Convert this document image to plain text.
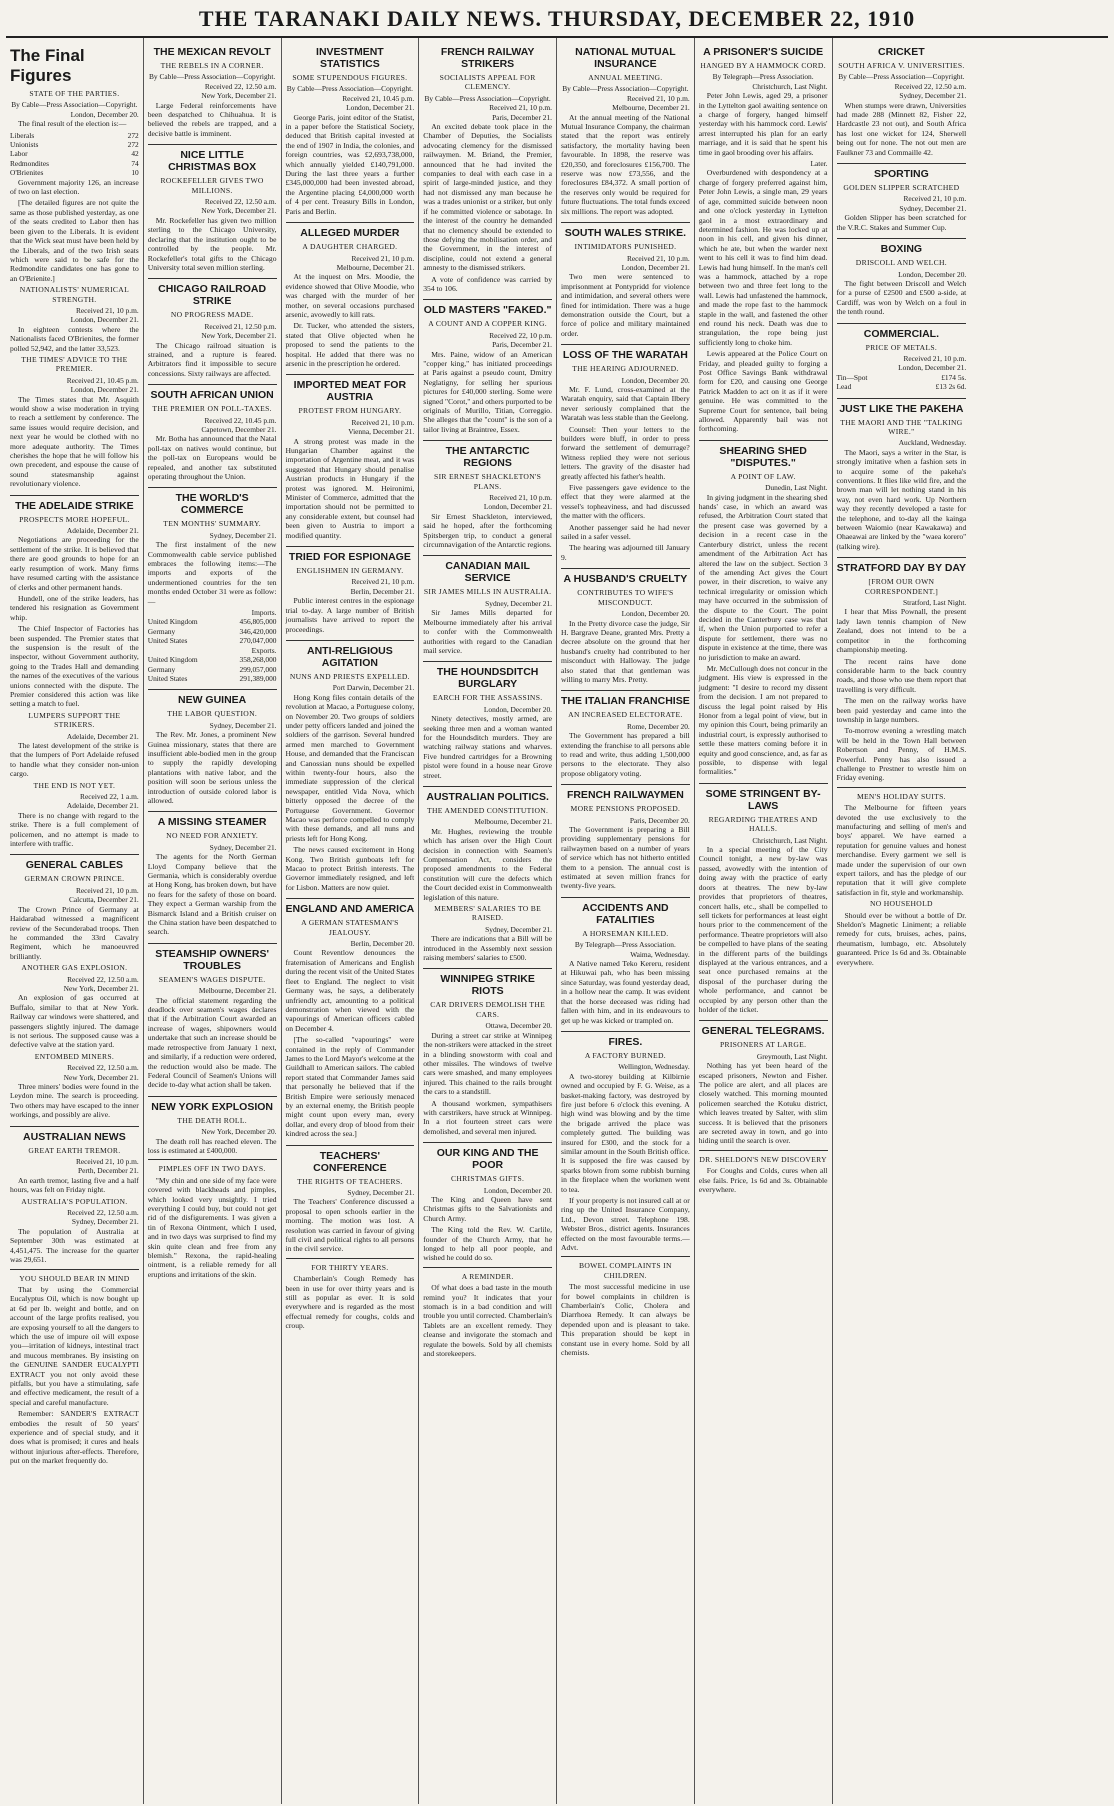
THE TARANAKI DAILY NEWS. THURSDAY, DECEMBER 22, 1910
The Final Figures
STATE OF THE PARTIES.
By Cable—Press Association—Copyright.
London, December 20.

The final result of the election is:—

Liberals	272
Unionists	272
Labor	42
Redmondites	74
O'Brienites	10

Government majority 126, an increase of two on last election.

[The detailed figures are not quite the same as those published yesterday, as one of the seats credited to Labor then has been given to the Liberals. It is evident that the Wick seat must have been held by the Liberals, and of the two Irish seats which were said to be safe for the Redmondite candidates one has gone to an O'Brienite.]

NATIONALISTS' NUMERICAL STRENGTH.
Received 21, 10 p.m.
London, December 21.

In eighteen contests where the Nationalists faced O'Brienites, the former polled 52,942, and the latter 33,523.

THE TIMES' ADVICE TO THE PREMIER.
Received 21, 10.45 p.m.
London, December 21.

The Times states that Mr. Asquith would show a wise moderation in trying to reach a settlement by conference. The same issues would require decision, and next year he would be clothed with no more adequate authority. The Times cherishes the hope that he will follow his own precedent, and espouse the cause of sound statesmanship against revolutionary violence.

THE ADELAIDE STRIKE
PROSPECTS MORE HOPEFUL.
Adelaide, December 21.

Negotiations are proceeding for the settlement of the strike. It is believed that there are good grounds to hope for an early resumption of work. Many firms have resumed carting with the assistance of clerks and other permanent hands.

Hundell, one of the strike leaders, has tendered his resignation as Government whip.

The Chief Inspector of Factories has been suspended. The Premier states that the suspension is the result of the inspector, without Government authority, going to the Trades Hall and demanding the names of the executives of the various unions connected with the dispute. The Premier considered this action was like setting a match to fuel.

LUMPERS SUPPORT THE STRIKERS.
Adelaide, December 21.

The latest development of the strike is that the lumpers of Port Adelaide refused to handle what they consider non-union cargo.

THE END IS NOT YET.
Received 22, 1 a.m.
Adelaide, December 21.

There is no change with regard to the strike. There is a full complement of policemen, and no attempt is made to interfere with traffic.

GENERAL CABLES
GERMAN CROWN PRINCE.
Received 21, 10 p.m.
Calcutta, December 21.

The Crown Prince of Germany at Haidarabad witnessed a magnificent review of the Secunderabad troops. Then he commanded the 33rd Cavalry Regiment, which he manoeuvred brilliantly.

ANOTHER GAS EXPLOSION.
Received 22, 12.50 a.m.
New York, December 21.

An explosion of gas occurred at Buffalo, similar to that at New York. Railway car windows were shattered, and passengers slightly injured. The damage is not serious. The supposed cause was a defective valve at the station yard.

ENTOMBED MINERS.
Received 22, 12.50 a.m.
New York, December 21.

Three miners' bodies were found in the Leydon mine. The search is proceeding. Two others may have escaped to the inner workings, and possibly are alive.

AUSTRALIAN NEWS
GREAT EARTH TREMOR.
Received 21, 10 p.m.
Perth, December 21.

An earth tremor, lasting five and a half hours, was felt on Friday night.

AUSTRALIA'S POPULATION.
Received 22, 12.50 a.m.
Sydney, December 21.

The population of Australia at September 30th was estimated at 4,451,475. The increase for the quarter was 29,651.

YOU SHOULD BEAR IN MIND

That by using the Commercial Eucalyptus Oil, which is now bought up at 6d per lb. weight and bottle, and on account of the large profits realised, you are exposing yourself to all the dangers to which the use of impure oil will expose you—irritation of kidneys, intestinal tract and mucous membranes. By insisting on the GENUINE SANDER EUCALYPTI EXTRACT you not only avoid these pitfalls, but you have a stimulating, safe and effective medicament, the result of a special and careful manufacture.

Remember: SANDER'S EXTRACT embodies the result of 50 years' experience and of special study, and it does what is promised; it cures and heals without injurious after-effects. Therefore, put on the market frequently do.

THE MEXICAN REVOLT
THE REBELS IN A CORNER.
By Cable—Press Association—Copyright.
Received 22, 12.50 a.m.
New York, December 21.

Large Federal reinforcements have been despatched to Chihuahua. It is believed the rebels are trapped, and a decisive battle is imminent.

NICE LITTLE CHRISTMAS BOX
ROCKEFELLER GIVES TWO MILLIONS.
Received 22, 12.50 a.m.
New York, December 21.

Mr. Rockefeller has given two million sterling to the Chicago University, declaring that the institution ought to be controlled by the people. Mr. Rockefeller's total gifts to the Chicago University total seven million sterling.

CHICAGO RAILROAD STRIKE
NO PROGRESS MADE.
Received 21, 12.50 p.m.
New York, December 21.

The Chicago railroad situation is strained, and a rupture is feared. Arbitrators find it impossible to secure concessions. Sixty railways are affected.

SOUTH AFRICAN UNION
THE PREMIER ON POLL-TAXES.
Received 22, 10.45 p.m.
Capetown, December 21.

Mr. Botha has announced that the Natal poll-tax on natives would continue, but the poll-tax on Europeans would be repealed, and another tax substituted operating throughout the Union.

THE WORLD'S COMMERCE
TEN MONTHS' SUMMARY.
Sydney, December 21.

The first instalment of the new Commonwealth cable service published embraces the following items:—The imports and exports of the undermentioned countries for the ten months ended October 31 were as follow:—

	Imports.
United Kingdom	456,805,000
Germany	346,420,000
United States	270,047,000
	Exports.
United Kingdom	358,268,000
Germany	299,057,000
United States	291,389,000
NEW GUINEA
THE LABOR QUESTION.
Sydney, December 21.

The Rev. Mr. Jones, a prominent New Guinea missionary, states that there are insufficient able-bodied men in the group to supply the rapidly developing plantations with native labor, and the position will soon be serious unless the introduction of outside colored labor is allowed.

A MISSING STEAMER
NO NEED FOR ANXIETY.
Sydney, December 21.

The agents for the North German Lloyd Company believe that the Germania, which is considerably overdue at Hong Kong, has broken down, but have no fears for the safety of those on board. They expect a German warship from the Bismarck Island and a British cruiser on the China station have been despatched to search.

STEAMSHIP OWNERS' TROUBLES
SEAMEN'S WAGES DISPUTE.
Melbourne, December 21.

The official statement regarding the deadlock over seamen's wages declares that if the Arbitration Court awarded an increase of wages, shipowners would undertake that such an increase should be made retrospective from January 1 next, and similarly, if a reduction were ordered, the reduction would also be made. The Federal Council of Seamen's Unions will decide to-day what action shall be taken.

NEW YORK EXPLOSION
THE DEATH ROLL.
New York, December 20.

The death roll has reached eleven. The loss is estimated at £400,000.

PIMPLES OFF IN TWO DAYS.

"My chin and one side of my face were covered with blackheads and pimples, which looked very unsightly. I tried everything I could buy, but could not get rid of the disfigurements. I was given a tin of Rexona Ointment, which I used, and in two days was surprised to find my skin quite clean and free from any blemish." Rexona, the rapid-healing ointment, is a reliable remedy for all eruptions and irritations of the skin.

INVESTMENT STATISTICS
SOME STUPENDOUS FIGURES.
By Cable—Press Association—Copyright.
Received 21, 10.45 p.m.
London, December 21.

George Paris, joint editor of the Statist, in a paper before the Statistical Society, deduced that British capital invested at the end of 1907 in India, the colonies, and foreign countries, was £2,693,738,000, which annually yielded £140,791,000. During the last three years a further £345,000,000 had been invested abroad, the Argentine placing £4,000,000 worth of 4 per cent. Treasury Bills in London, Paris and Berlin.

ALLEGED MURDER
A DAUGHTER CHARGED.
Received 21, 10 p.m.
Melbourne, December 21.

At the inquest on Mrs. Moodie, the evidence showed that Olive Moodie, who was charged with the murder of her mother, on several occasions purchased arsenic, avowedly to kill rats.

Dr. Tucker, who attended the sisters, stated that Olive objected when he proposed to send the patients to the hospital. He added that there was no arsenic in the prescription he ordered.

IMPORTED MEAT FOR AUSTRIA
PROTEST FROM HUNGARY.
Received 21, 10 p.m.
Vienna, December 21.

A strong protest was made in the Hungarian Chamber against the importation of Argentine meat, and it was suggested that Hungary should penalise Austrian products in Hungary if the protest was ignored. M. Heironimi, Minister of Commerce, admitted that the importation should not be permitted to any considerable extent, but counsel had been given to Austria to import a modified quantity.

TRIED FOR ESPIONAGE
ENGLISHMEN IN GERMANY.
Received 21, 10 p.m.
Berlin, December 21.

Public interest centres in the espionage trial to-day. A large number of British journalists have arrived to report the proceedings.

ANTI-RELIGIOUS AGITATION
NUNS AND PRIESTS EXPELLED.
Port Darwin, December 21.

Hong Kong files contain details of the revolution at Macao, a Portuguese colony, on November 20. Two groups of soldiers under petty officers landed and joined the soldiers of the garrison. Several hundred armed men marched to Government House, and demanded that the Franciscan and Canossian nuns should be expelled within twenty-four hours, also the immediate suppression of the clerical newspaper, entitled Vida Nova, which bitterly opposed the decree of the Portuguese Government. Governor Macao was perforce compelled to comply with these demands, and all nuns and priests left for Hong Kong.

The news caused excitement in Hong Kong. Two British gunboats left for Macao to protect British interests. The Governor immediately resigned, and left for Lisbon. Matters are now quiet.

ENGLAND AND AMERICA
A GERMAN STATESMAN'S JEALOUSY.
Berlin, December 20.

Count Reventlow denounces the fraternisation of Americans and English during the recent visit of the United States fleet to England. The neglect to visit Germany was, he says, a deliberately unfriendly act, amounting to a political demonstration when viewed with the vapourings of American officers cabled on December 4.

[The so-called "vapourings" were contained in the reply of Commander James to the Lord Mayor's welcome at the Guildhall to American sailors. The cabled report stated that Commander James said that personally he believed that if the British Empire were seriously menaced by an external enemy, the British people might count upon every man, every dollar, and every drop of blood from their kindred across the sea.]

TEACHERS' CONFERENCE
THE RIGHTS OF TEACHERS.
Sydney, December 21.

The Teachers' Conference discussed a proposal to open schools earlier in the morning. The motion was lost. A resolution was carried in favour of giving full civil and political rights to all persons in the civil service.

FOR THIRTY YEARS.

Chamberlain's Cough Remedy has been in use for over thirty years and is still as popular as ever. It is sold everywhere and is regarded as the most effectual remedy for coughs, colds and croup.

FRENCH RAILWAY STRIKERS
SOCIALISTS APPEAL FOR CLEMENCY.
By Cable—Press Association—Copyright.
Received 21, 10 p.m.
Paris, December 21.

An excited debate took place in the Chamber of Deputies, the Socialists advocating clemency for the dismissed railwaymen. M. Briand, the Premier, announced that he had invited the companies to deal with each case in a spirit of large-minded justice, and they had not dismissed any man because he was a trades unionist or a striker, but only if he committed violence or sabotage. In the interest of the country he demanded that no clemency should be extended to those defying the mobilisation order, and the Government, in the interest of discipline, could not extend a general amnesty to the dismissed strikers.

A vote of confidence was carried by 354 to 106.

OLD MASTERS "FAKED."
A COUNT AND A COPPER KING.
Received 22, 10 p.m.
Paris, December 21.

Mrs. Paine, widow of an American "copper king," has initiated proceedings at Paris against a pseudo count, Dmitry Neglatigny, for selling her spurious pictures for £40,000 sterling. Some were signed "Corot," and others purported to be originals of Murillo, Titian, Correggio. She alleges that the "count" is the son of a tailor living at Braintree, Essex.

THE ANTARCTIC REGIONS
SIR ERNEST SHACKLETON'S PLANS.
Received 21, 10 p.m.
London, December 21.

Sir Ernest Shackleton, interviewed, said he hoped, after the forthcoming Spitsbergen trip, to conduct a general circumnavigation of the Antarctic regions.

CANADIAN MAIL SERVICE
SIR JAMES MILLS IN AUSTRALIA.
Sydney, December 21.

Sir James Mills departed for Melbourne immediately after his arrival to confer with the Commonwealth authorities with regard to the Canadian mail service.

THE HOUNDSDITCH BURGLARY
EARCH FOR THE ASSASSINS.
London, December 20.

Ninety detectives, mostly armed, are seeking three men and a woman wanted for the Houndsditch murders. They are watching railway stations and wharves. Five hundred cartridges for a Browning pistol were found in a house near Grove street.

AUSTRALIAN POLITICS.
THE AMENDED CONSTITUTION.
Melbourne, December 21.

Mr. Hughes, reviewing the trouble which has arisen over the High Court decision in connection with Seamen's Compensation Act, considers the proposed amendments to the Federal constitution will cure the defects which the Court decided exist in Commonwealth legislation of this nature.

MEMBERS' SALARIES TO BE RAISED.
Sydney, December 21.

There are indications that a Bill will be introduced in the Assembly next session raising members' salaries to £500.

WINNIPEG STRIKE RIOTS
CAR DRIVERS DEMOLISH THE CARS.
Ottawa, December 20.

During a street car strike at Winnipeg the non-strikers were attacked in the street in a blinding snowstorm with coal and other missiles. The windows of twelve cars were smashed, and many employees injured. This chained to the rails brought the cars to a standstill.

A thousand workmen, sympathisers with carstrikers, have struck at Winnipeg. In a riot fourteen street cars were demolished, and several men injured.

OUR KING AND THE POOR
CHRISTMAS GIFTS.
London, December 20.

The King and Queen have sent Christmas gifts to the Salvationists and Church Army.

The King told the Rev. W. Carlile, founder of the Church Army, that he longed to help all poor people, and wished he could do so.

A REMINDER.

Of what does a bad taste in the mouth remind you? It indicates that your stomach is in a bad condition and will trouble you until corrected. Chamberlain's Tablets are an excellent remedy. They cleanse and invigorate the stomach and regulate the bowels. Sold by all chemists and storekeepers.

NATIONAL MUTUAL INSURANCE
ANNUAL MEETING.
By Cable—Press Association—Copyright.
Received 21, 10 p.m.
Melbourne, December 21.

At the annual meeting of the National Mutual Insurance Company, the chairman stated that the report was entirely satisfactory, the mortality having been favourable. In 1898, the reserve was £20,350, and foreclosures £156,700. The reserve was now £73,556, and the foreclosures £84,372. A small portion of the reserves only would be required for future fluctuations. The total funds exceed six millions. The report was adopted.

SOUTH WALES STRIKE.
INTIMIDATORS PUNISHED.
Received 21, 10 p.m.
London, December 21.

Two men were sentenced to imprisonment at Pontypridd for violence and intimidation, and several others were fined for intimidation. There was a huge demonstration outside the Court, but a force of police and military maintained order.

LOSS OF THE WARATAH
THE HEARING ADJOURNED.
London, December 20.

Mr. F. Lund, cross-examined at the Waratah enquiry, said that Captain Ilbery never seriously complained that the Waratah was less stable than the Geelong.

Counsel: Then your letters to the builders were bluff, in order to press forward the settlement of demurrage? Witness replied they were not serious letters. The gravity of the disaster had greatly affected his father's health.

Five passengers gave evidence to the effect that they were alarmed at the vessel's topheaviness, and had discussed the matter with the officers.

Another passenger said he had never sailed in a safer vessel.

The hearing was adjourned till January 9.

A HUSBAND'S CRUELTY
CONTRIBUTES TO WIFE'S MISCONDUCT.
London, December 20.

In the Pretty divorce case the judge, Sir H. Bargrave Deane, granted Mrs. Pretty a decree absolute on the ground that her husband's cruelty had contributed to her misconduct with Halloway. The judge also stated that that gentleman was willing to marry Mrs. Pretty.

THE ITALIAN FRANCHISE
AN INCREASED ELECTORATE.
Rome, December 20.

The Government has prepared a bill extending the franchise to all persons able to read and write, thus adding 1,500,000 persons to the electorate. They also propose obligatory voting.

FRENCH RAILWAYMEN
MORE PENSIONS PROPOSED.
Paris, December 20.

The Government is preparing a Bill providing supplementary pensions for railwaymen based on a number of years of service which has not hitherto entitled them to a pension. The annual cost is estimated at seven million francs for twenty-five years.

ACCIDENTS AND FATALITIES
A HORSEMAN KILLED.
By Telegraph—Press Association.
Waima, Wednesday.

A Native named Teko Kereru, resident at Hikuwai pah, who has been missing since Saturday, was found yesterday dead, in a hollow near the camp. It was evident that the horse deceased was riding had fallen with him, and in its endeavours to get up he was kicked or trampled on.

FIRES.
A FACTORY BURNED.
Wellington, Wednesday.

A two-storey building at Kilbirnie owned and occupied by F. G. Weise, as a basket-making factory, was destroyed by fire just before 6 o'clock this evening. A high wind was blowing and by the time the brigade arrived the place was completely gutted. The building was insured for £300, and the stock for a similar amount in the South British office. It is supposed the fire was caused by sparks blown from some rubbish burning in the fireplace when the workmen went to tea.

If your property is not insured call at or ring up the United Insurance Company, Ltd., Devon street. Telephone 198. Webster Bros., district agents. Insurances effected on the most favourable terms.—Advt.

BOWEL COMPLAINTS IN CHILDREN.

The most successful medicine in use for bowel complaints in children is Chamberlain's Colic, Cholera and Diarrhoea Remedy. It can always be depended upon and is pleasant to take. This preparation should be kept in constant use in every home. Sold by all chemists.

A PRISONER'S SUICIDE
HANGED BY A HAMMOCK CORD.
By Telegraph—Press Association.
Christchurch, Last Night.

Peter John Lewis, aged 29, a prisoner in the Lyttelton gaol awaiting sentence on a charge of forgery, hanged himself yesterday with his hammock cord. Lewis' arrest interrupted his plan for an early marriage, and it is said that he spent his time in gaol brooding over his affairs.

Later.

Overburdened with despondency at a charge of forgery preferred against him, Peter John Lewis, a single man, 29 years of age, committed suicide between noon and one o'clock yesterday in Lyttelton gaol in a most extraordinary and determined fashion. He was locked up at noon in his cell, and given his dinner, which he ate, but when the warder next went to his cell it was to find him dead. Lewis had hung himself. In the man's cell was a hammock, attached by a rope between two and three feet long to the wall. Lewis had unfastened the hammock, and made the rope fast to the hammock staple in the wall, and fastened the other end round his neck. Death was due to strangulation, the rope being just sufficiently long to choke him.

Lewis appeared at the Police Court on Friday, and pleaded guilty to forging a Post Office Savings Bank withdrawal form for £20, and causing one George Patrick Madden to act on it as if it were genuine. He was committed to the Supreme Court for sentence, bail being allowed. Apparently bail was not forthcoming.

SHEARING SHED "DISPUTES."
A POINT OF LAW.
Dunedin, Last Night.

In giving judgment in the shearing shed hands' case, in which an award was refused, the Arbitration Court stated that the present case was governed by a decision in a recent case in the Canterbury district, unless the recent amendment of the Arbitration Act has altered the law on the subject. Section 3 of the amending Act gives the Court power, in their discretion, to waive any technical irregularity or omission which may have occurred in the submission of the dispute to the Court. The point decided in the Canterbury case was that if, when the Union purported to refer a dispute for settlement, there was no dispute in existence at the time, there was no jurisdiction to make an award.

Mr. McCullough does not concur in the judgment. His view is expressed in the judgment: "I desire to record my dissent from the decision. I am not prepared to discuss the legal point raised by His Honor from a legal point of view, but in my opinion this Court, being primarily an industrial court, is expressly authorised to settle these matters coming before it in equity and good conscience, and, as far as possible, to dispense with legal formalities."

SOME STRINGENT BY-LAWS
REGARDING THEATRES AND HALLS.
Christchurch, Last Night.

In a special meeting of the City Council tonight, a new by-law was passed, avowedly with the intention of doing away with the practice of early doors at theatres. The new by-law provides that proprietors of theatres, concert halls, etc., shall be compelled to sell tickets for performances at least eight hours prior to the commencement of the performance. Theatre proprietors will also be compelled to have plans of the seating in the different parts of the buildings displayed at the various entrances, and a seat once purchased remains at the disposal of the purchaser during the whole performance, and cannot be occupied by any person other than the holder of the ticket.

GENERAL TELEGRAMS.
PRISONERS AT LARGE.
Greymouth, Last Night.

Nothing has yet been heard of the escaped prisoners, Newton and Fisher. The police are alert, and all places are closely watched. This morning mounted policemen searched the Kotuku district, which leaves treated by Salter, with slim success. It is believed that the prisoners are secreted away in town, and go into hiding until the search is over.

DR. SHELDON'S NEW DISCOVERY

For Coughs and Colds, cures when all else fails. Price, 1s 6d and 3s. Obtainable everywhere.

CRICKET
SOUTH AFRICA V. UNIVERSITIES.
By Cable—Press Association—Copyright.
Received 22, 12.50 a.m.
Sydney, December 21.

When stumps were drawn, Universities had made 288 (Minnett 82, Fisher 22, Hardcastle 23 not out), and South Africa has lost one wicket for 124, Sherwell being out for none. The not out men are Faulkner 73 and Commaille 42.

SPORTING
GOLDEN SLIPPER SCRATCHED
Received 21, 10 p.m.
Sydney, December 21.

Golden Slipper has been scratched for the V.R.C. Stakes and Summer Cup.

BOXING
DRISCOLL AND WELCH.
London, December 20.

The fight between Driscoll and Welch for a purse of £2500 and £500 a-side, at Cardiff, was won by Welch on a foul in the tenth round.

COMMERCIAL.
PRICE OF METALS.
Received 21, 10 p.m.
London, December 21.
Tin—Spot	£174 5s.
Lead	£13 2s 6d.
JUST LIKE THE PAKEHA
THE MAORI AND THE "TALKING WIRE."
Auckland, Wednesday.

The Maori, says a writer in the Star, is strongly imitative when a fashion sets in to acquire some of the pakeha's conventions. It flies like wild fire, and the brown man will let nothing stand in his way, not even hard work. Up Northern way they recently developed a taste for the telephone, and to-day all the kainga between Waiomio (near Kawakawa) and Ohaeawai are linked by the "waea korero" (talking wire).

STRATFORD DAY BY DAY
[FROM OUR OWN CORRESPONDENT.]
Stratford, Last Night.

I hear that Miss Pownall, the present lady lawn tennis champion of New Zealand, does not intend to be a competitor in the forthcoming championship meeting.

The recent rains have done considerable harm to the back country roads, and those who use them report that travelling is very difficult.

The men on the railway works have been paid yesterday and came into the township in large numbers.

To-morrow evening a wrestling match will be held in the Town Hall between Robertson and Penny, of H.M.S. Powerful. Penny has also issued a challenge to Prestner to wrestle him on Friday evening.

MEN'S HOLIDAY SUITS.

The Melbourne for fifteen years devoted the use exclusively to the manufacturing and selling of men's and boys' apparel. We have earned a reputation for genuine values and honest merchandise. Every garment we sell is made under the supervision of our own expert tailors, and has the pledge of our reputation that it will give complete satisfaction in fit, style and workmanship.

NO HOUSEHOLD

Should ever be without a bottle of Dr. Sheldon's Magnetic Liniment; a reliable remedy for cuts, bruises, aches, pains, rheumatism, lumbago, etc. Absolutely guaranteed. Price 1s 6d and 3s. Obtainable everywhere.
